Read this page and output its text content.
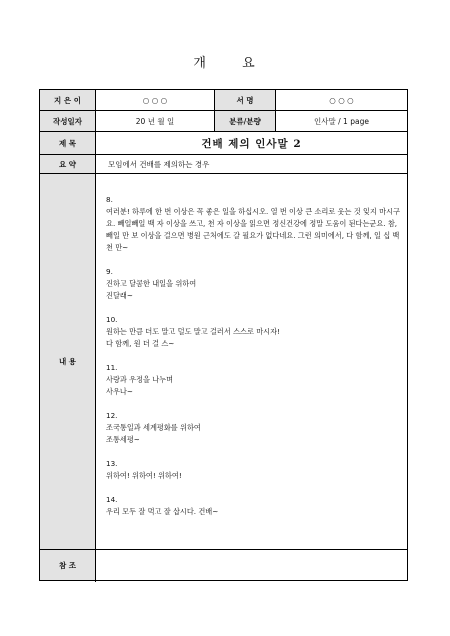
개	요
지 은 이	○ ○ ○	서 명	○ ○ ○
작성일자	20 년 월 일	분류/분량	인사말 / 1 page
제 목	건배 제의 인사말 2
요 약	모임에서 건배를 제의하는 경우
내 용

8.
여러분! 하루에 한 번 이상은 꼭 좋은 일을 하십시오. 열 번 이상 큰 소리로 웃는 것 잊지 마시구요. 빼일빼일 백 자 이상을 쓰고, 천 자 이상을 읽으면 정신건강에 정말 도움이 된다는군요. 참, 빼일 만 보 이상을 걸으면 병원 근처에도 갈 필요가 없다네요. 그런 의미에서, 다 함께, 일 십 백 천 만~

9.
진하고 달콤한 내일을 위하여
진달래~

10.
원하는 만큼 더도 말고 덜도 말고 걸러서 스스로 마시자!
다 함께, 원 더 걸 스~

11.
사랑과 우정을 나누며
사우나~

12.
조국통일과 세계평화를 위하여
조통세평~

13.
위하여! 위하여! 위하여!

14.
우리 모두 잘 먹고 잘 삽시다. 건배~

참 조
